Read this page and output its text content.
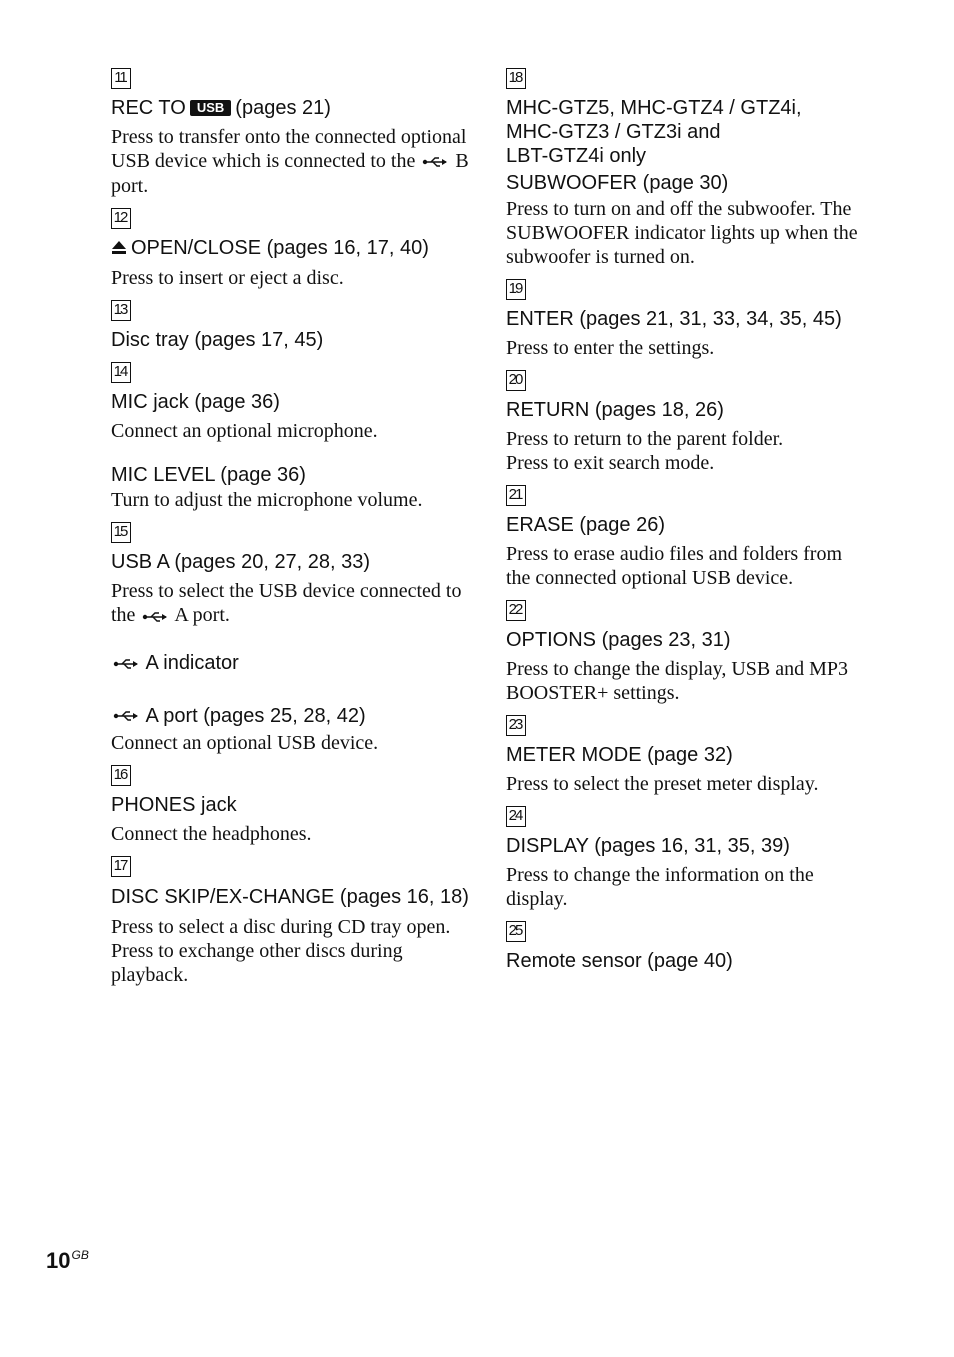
11
REC TO USB (pages 21)
Press to transfer onto the connected optional USB device which is connected to the B port.
12
OPEN/CLOSE (pages 16, 17, 40)
Press to insert or eject a disc.
13
Disc tray (pages 17, 45)
14
MIC jack (page 36)
Connect an optional microphone.
MIC LEVEL (page 36)
Turn to adjust the microphone volume.
15
USB A (pages 20, 27, 28, 33)
Press to select the USB device connected to the A port.
A indicator
A port (pages 25, 28, 42)
Connect an optional USB device.
16
PHONES jack
Connect the headphones.
17
DISC SKIP/EX-CHANGE (pages 16, 18)
Press to select a disc during CD tray open.
Press to exchange other discs during playback.
18
MHC-GTZ5, MHC-GTZ4 / GTZ4i,
MHC-GTZ3 / GTZ3i and
LBT-GTZ4i only
SUBWOOFER (page 30)
Press to turn on and off the subwoofer. The SUBWOOFER indicator lights up when the subwoofer is turned on.
19
ENTER (pages 21, 31, 33, 34, 35, 45)
Press to enter the settings.
20
RETURN (pages 18, 26)
Press to return to the parent folder.
Press to exit search mode.
21
ERASE (page 26)
Press to erase audio files and folders from the connected optional USB device.
22
OPTIONS (pages 23, 31)
Press to change the display, USB and MP3 BOOSTER+ settings.
23
METER MODE (page 32)
Press to select the preset meter display.
24
DISPLAY (pages 16, 31, 35, 39)
Press to change the information on the display.
25
Remote sensor (page 40)
$10^{GB}$
